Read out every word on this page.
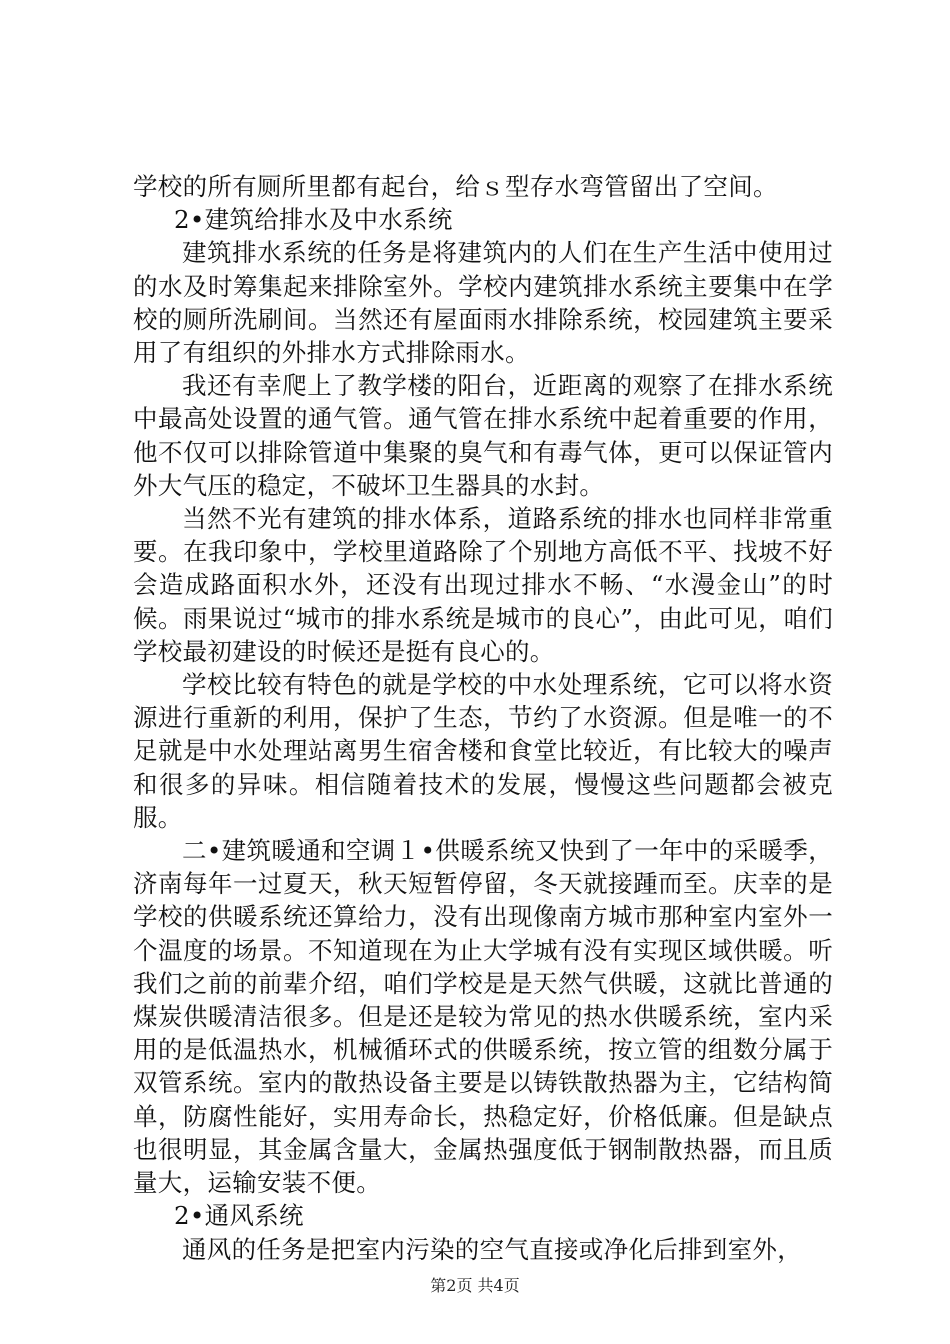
学校的所有厕所里都有起台，给ｓ型存水弯管留出了空间。

2•建筑给排水及中水系统

建筑排水系统的任务是将建筑内的人们在生产生活中使用过的水及时筹集起来排除室外。学校内建筑排水系统主要集中在学校的厕所洗刷间。当然还有屋面雨水排除系统，校园建筑主要采用了有组织的外排水方式排除雨水。

我还有幸爬上了教学楼的阳台，近距离的观察了在排水系统中最高处设置的通气管。通气管在排水系统中起着重要的作用，他不仅可以排除管道中集聚的臭气和有毒气体，更可以保证管内外大气压的稳定，不破坏卫生器具的水封。

当然不光有建筑的排水体系，道路系统的排水也同样非常重要。在我印象中，学校里道路除了个别地方高低不平、找坡不好会造成路面积水外，还没有出现过排水不畅、“水漫金山”的时候。雨果说过“城市的排水系统是城市的良心”，由此可见，咱们学校最初建设的时候还是挺有良心的。

学校比较有特色的就是学校的中水处理系统，它可以将水资源进行重新的利用，保护了生态，节约了水资源。但是唯一的不足就是中水处理站离男生宿舍楼和食堂比较近，有比较大的噪声和很多的异味。相信随着技术的发展，慢慢这些问题都会被克服。

二•建筑暖通和空调１•供暖系统又快到了一年中的采暖季，济南每年一过夏天，秋天短暂停留，冬天就接踵而至。庆幸的是学校的供暖系统还算给力，没有出现像南方城市那种室内室外一个温度的场景。不知道现在为止大学城有没有实现区域供暖。听我们之前的前辈介绍，咱们学校是是天然气供暖，这就比普通的煤炭供暖清洁很多。但是还是较为常见的热水供暖系统，室内采用的是低温热水，机械循环式的供暖系统，按立管的组数分属于双管系统。室内的散热设备主要是以铸铁散热器为主，它结构简单，防腐性能好，实用寿命长，热稳定好，价格低廉。但是缺点也很明显，其金属含量大，金属热强度低于钢制散热器，而且质量大，运输安装不便。

2•通风系统

通风的任务是把室内污染的空气直接或净化后排到室外，

第2页 共4页
